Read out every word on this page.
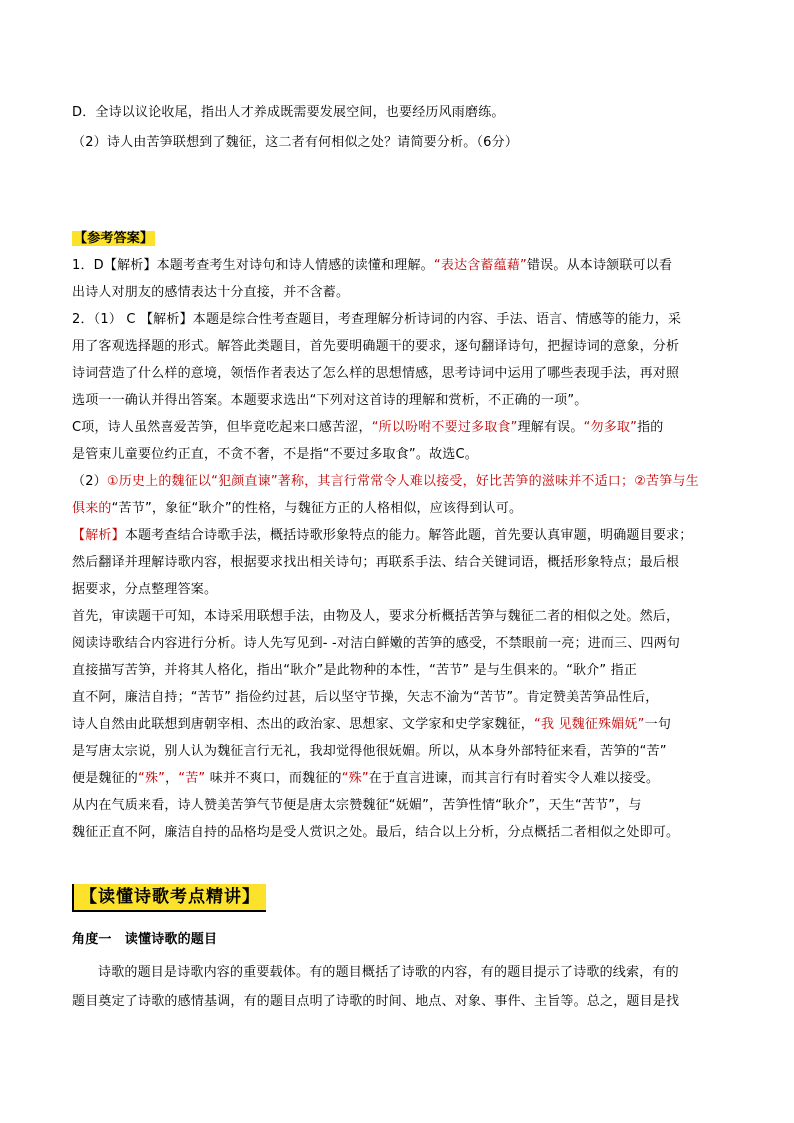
D．全诗以议论收尾，指出人才养成既需要发展空间，也要经历风雨磨练。
（2）诗人由苦笋联想到了魏征，这二者有何相似之处？请简要分析。（6分）
【参考答案】
1．D【解析】本题考查考生对诗句和诗人情感的读懂和理解。“表达含蓄蕴藉”错误。从本诗颔联可以看
出诗人对朋友的感情表达十分直接，并不含蓄。
2．（1） C 【解析】本题是综合性考查题目，考查理解分析诗词的内容、手法、语言、情感等的能力，采
用了客观选择题的形式。解答此类题目，首先要明确题干的要求，逐句翻译诗句，把握诗词的意象，分析
诗词营造了什么样的意境，领悟作者表达了怎么样的思想情感，思考诗词中运用了哪些表现手法，再对照
选项一一确认并得出答案。本题要求选出“下列对这首诗的理解和赏析，不正确的一项”。
C项，诗人虽然喜爱苦笋，但毕竟吃起来口感苦涩，“所以吩咐不要过多取食”理解有误。“勿多取”指的
是管束儿童要位约正直，不贪不奢，不是指“不要过多取食”。故选C。
（2）①历史上的魏征以“犯颜直谏”著称，其言行常常令人难以接受，好比苦笋的滋味并不适口；②苦笋与生
俱来的“苦节”，象征“耿介”的性格，与魏征方正的人格相似，应该得到认可。
【解析】本题考查结合诗歌手法，概括诗歌形象特点的能力。解答此题，首先要认真审题，明确题目要求；
然后翻译并理解诗歌内容，根据要求找出相关诗句；再联系手法、结合关键词语，概括形象特点；最后根
据要求，分点整理答案。
首先，审读题干可知，本诗采用联想手法，由物及人，要求分析概括苦笋与魏征二者的相似之处。然后，
阅读诗歌结合内容进行分析。诗人先写见到- -对洁白鲜嫩的苦笋的感受，不禁眼前一亮；进而三、四两句
直接描写苦笋，并将其人格化，指出“耿介”是此物种的本性，“苦节” 是与生俱来的。“耿介” 指正
直不阿，廉洁自持；“苦节” 指俭约过甚，后以坚守节操，矢志不渝为“苦节”。肯定赞美苦笋品性后，
诗人自然由此联想到唐朝宰相、杰出的政治家、思想家、文学家和史学家魏征，“我 见魏征殊媚妩”一句
是写唐太宗说，别人认为魏征言行无礼，我却觉得他很妩媚。所以，从本身外部特征来看，苦笋的“苦”
便是魏征的“殊”，“苦” 味并不爽口，而魏征的“殊”在于直言进谏，而其言行有时着实令人难以接受。
从内在气质来看，诗人赞美苦笋气节便是唐太宗赞魏征“妩媚”，苦笋性情“耿介”，天生“苦节”，与
魏征正直不阿，廉洁自持的品格均是受人赏识之处。最后，结合以上分析，分点概括二者相似之处即可。
【读懂诗歌考点精讲】
角度一　读懂诗歌的题目
诗歌的题目是诗歌内容的重要载体。有的题目概括了诗歌的内容，有的题目提示了诗歌的线索，有的
题目奠定了诗歌的感情基调，有的题目点明了诗歌的时间、地点、对象、事件、主旨等。总之，题目是找
